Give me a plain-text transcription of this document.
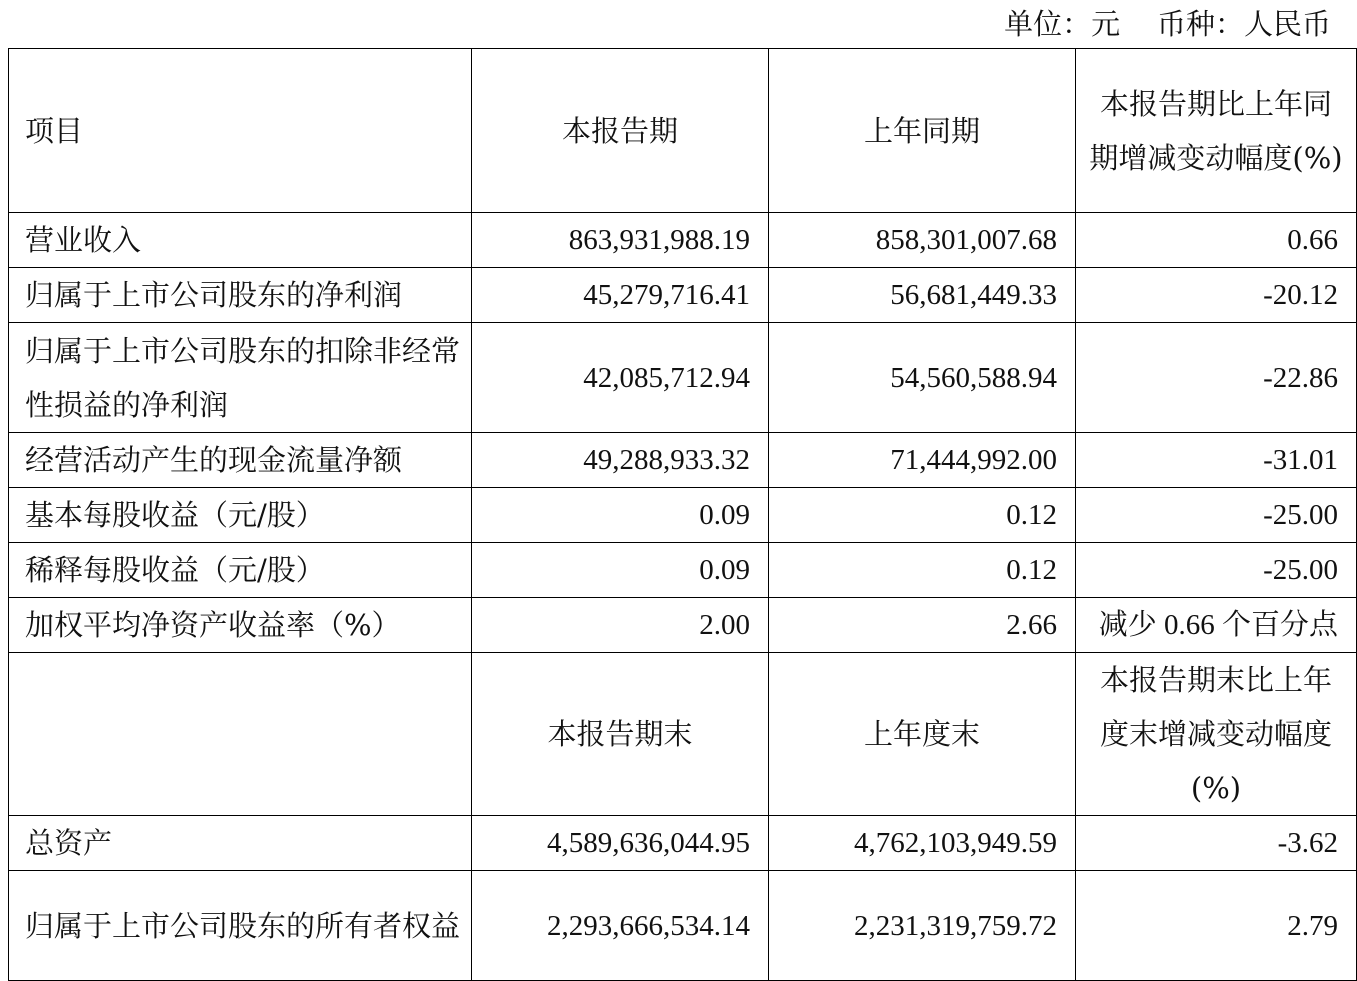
单位：元    币种：人民币

项目	本报告期	上年同期	本报告期比上年同期增减变动幅度(%)
营业收入	863,931,988.19	858,301,007.68	0.66
归属于上市公司股东的净利润	45,279,716.41	56,681,449.33	-20.12
归属于上市公司股东的扣除非经常性损益的净利润	42,085,712.94	54,560,588.94	-22.86
经营活动产生的现金流量净额	49,288,933.32	71,444,992.00	-31.01
基本每股收益（元/股）	0.09	0.12	-25.00
稀释每股收益（元/股）	0.09	0.12	-25.00
加权平均净资产收益率（%）	2.00	2.66	减少 0.66 个百分点
	本报告期末	上年度末	本报告期末比上年度末增减变动幅度(%)
总资产	4,589,636,044.95	4,762,103,949.59	-3.62
归属于上市公司股东的所有者权益	2,293,666,534.14	2,231,319,759.72	2.79
